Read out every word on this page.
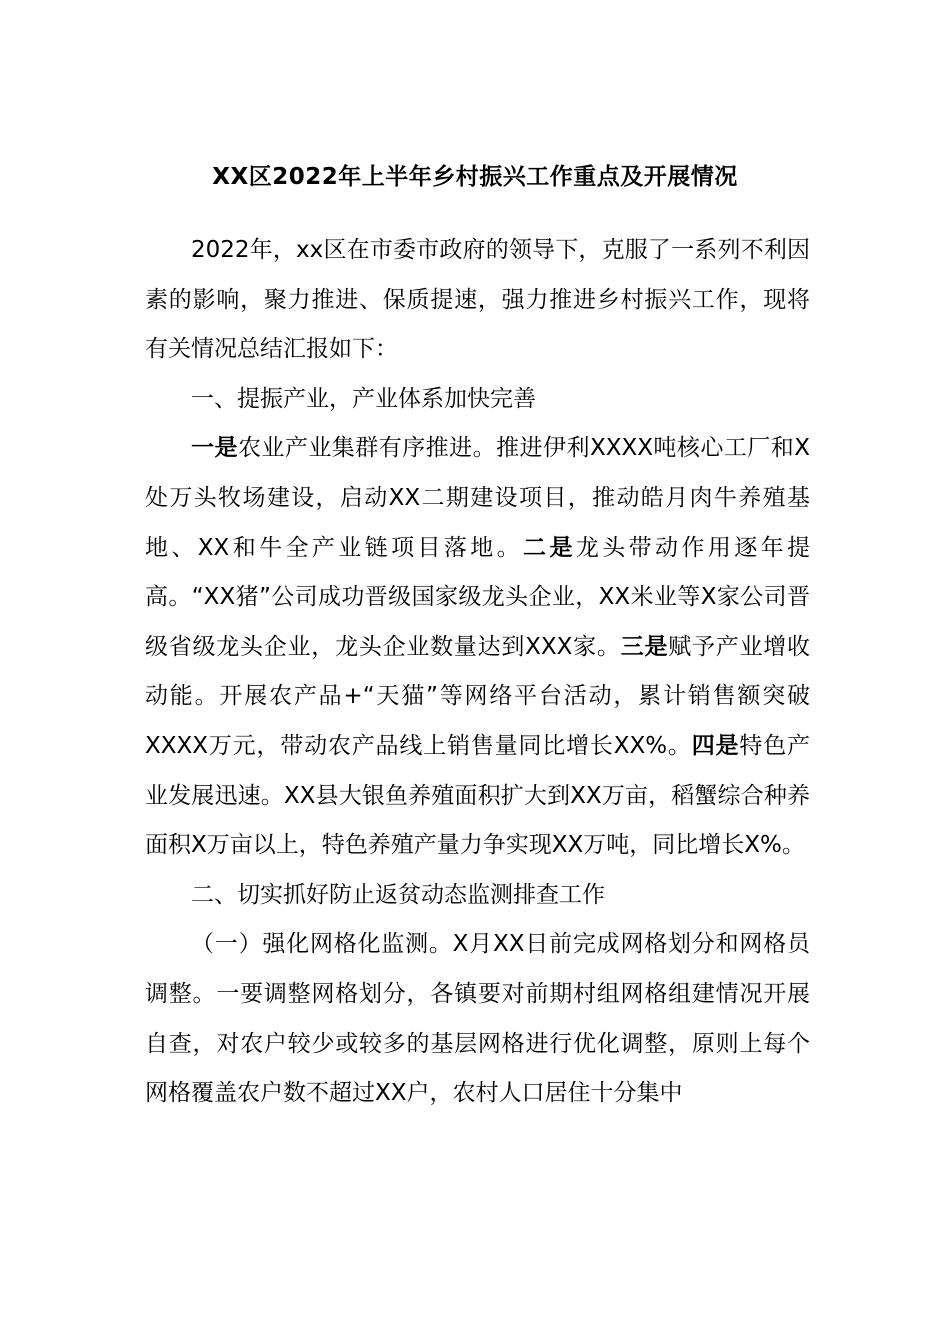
XX区2022年上半年乡村振兴工作重点及开展情况

2022年，xx区在市委市政府的领导下，克服了一系列不利因素的影响，聚力推进、保质提速，强力推进乡村振兴工作，现将有关情况总结汇报如下：

一、提振产业，产业体系加快完善

一是农业产业集群有序推进。推进伊利XXXX吨核心工厂和X处万头牧场建设，启动XX二期建设项目，推动皓月肉牛养殖基地、XX和牛全产业链项目落地。二是龙头带动作用逐年提高。“XX猪”公司成功晋级国家级龙头企业，XX米业等X家公司晋级省级龙头企业，龙头企业数量达到XXX家。三是赋予产业增收动能。开展农产品+“天猫”等网络平台活动，累计销售额突破XXXX万元，带动农产品线上销售量同比增长XX%。四是特色产业发展迅速。XX县大银鱼养殖面积扩大到XX万亩，稻蟹综合种养面积X万亩以上，特色养殖产量力争实现XX万吨，同比增长X%。

二、切实抓好防止返贫动态监测排查工作

（一）强化网格化监测。X月XX日前完成网格划分和网格员调整。一要调整网格划分，各镇要对前期村组网格组建情况开展自查，对农户较少或较多的基层网格进行优化调整，原则上每个网格覆盖农户数不超过XX户，农村人口居住十分集中
